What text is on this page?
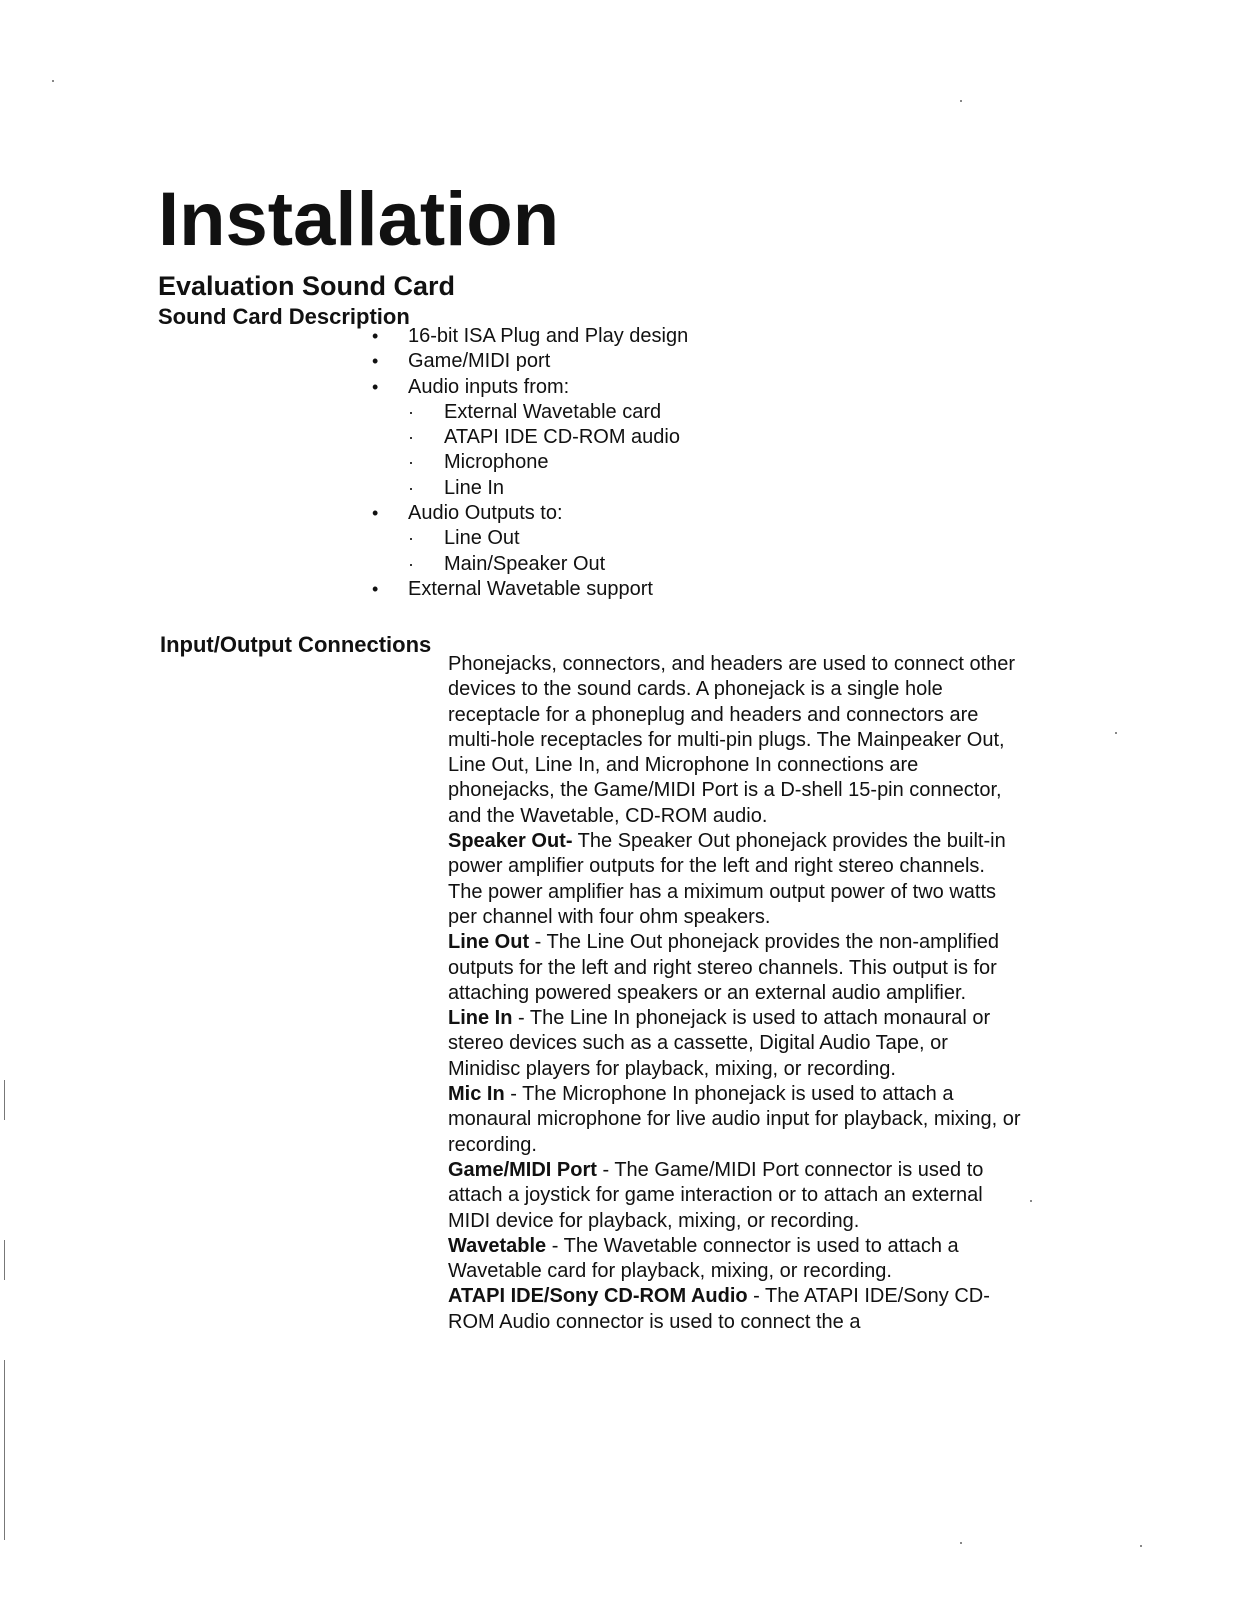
Installation
Evaluation Sound Card
Sound Card Description
• 16-bit ISA Plug and Play design
• Game/MIDI port
• Audio inputs from:
· External Wavetable card
· ATAPI IDE CD-ROM audio
· Microphone
· Line In
• Audio Outputs to:
· Line Out
· Main/Speaker Out
• External Wavetable support
Input/Output Connections

Phonejacks, connectors, and headers are used to connect other devices to the sound cards. A phonejack is a single hole receptacle for a phoneplug and headers and connectors are multi-hole receptacles for multi-pin plugs. The Mainpeaker Out, Line Out, Line In, and Microphone In connections are phonejacks, the Game/MIDI Port is a D-shell 15-pin connector, and the Wavetable, CD-ROM audio.

Speaker Out- The Speaker Out phonejack provides the built-in power amplifier outputs for the left and right stereo channels. The power amplifier has a miximum output power of two watts per channel with four ohm speakers.

Line Out - The Line Out phonejack provides the non-amplified outputs for the left and right stereo channels. This output is for attaching powered speakers or an external audio amplifier.

Line In - The Line In phonejack is used to attach monaural or stereo devices such as a cassette, Digital Audio Tape, or Minidisc players for playback, mixing, or recording.

Mic In - The Microphone In phonejack is used to attach a monaural microphone for live audio input for playback, mixing, or recording.

Game/MIDI Port - The Game/MIDI Port connector is used to attach a joystick for game interaction or to attach an external MIDI device for playback, mixing, or recording.

Wavetable - The Wavetable connector is used to attach a Wavetable card for playback, mixing, or recording.

ATAPI IDE/Sony CD-ROM Audio - The ATAPI IDE/Sony CD-ROM Audio connector is used to connect the a
